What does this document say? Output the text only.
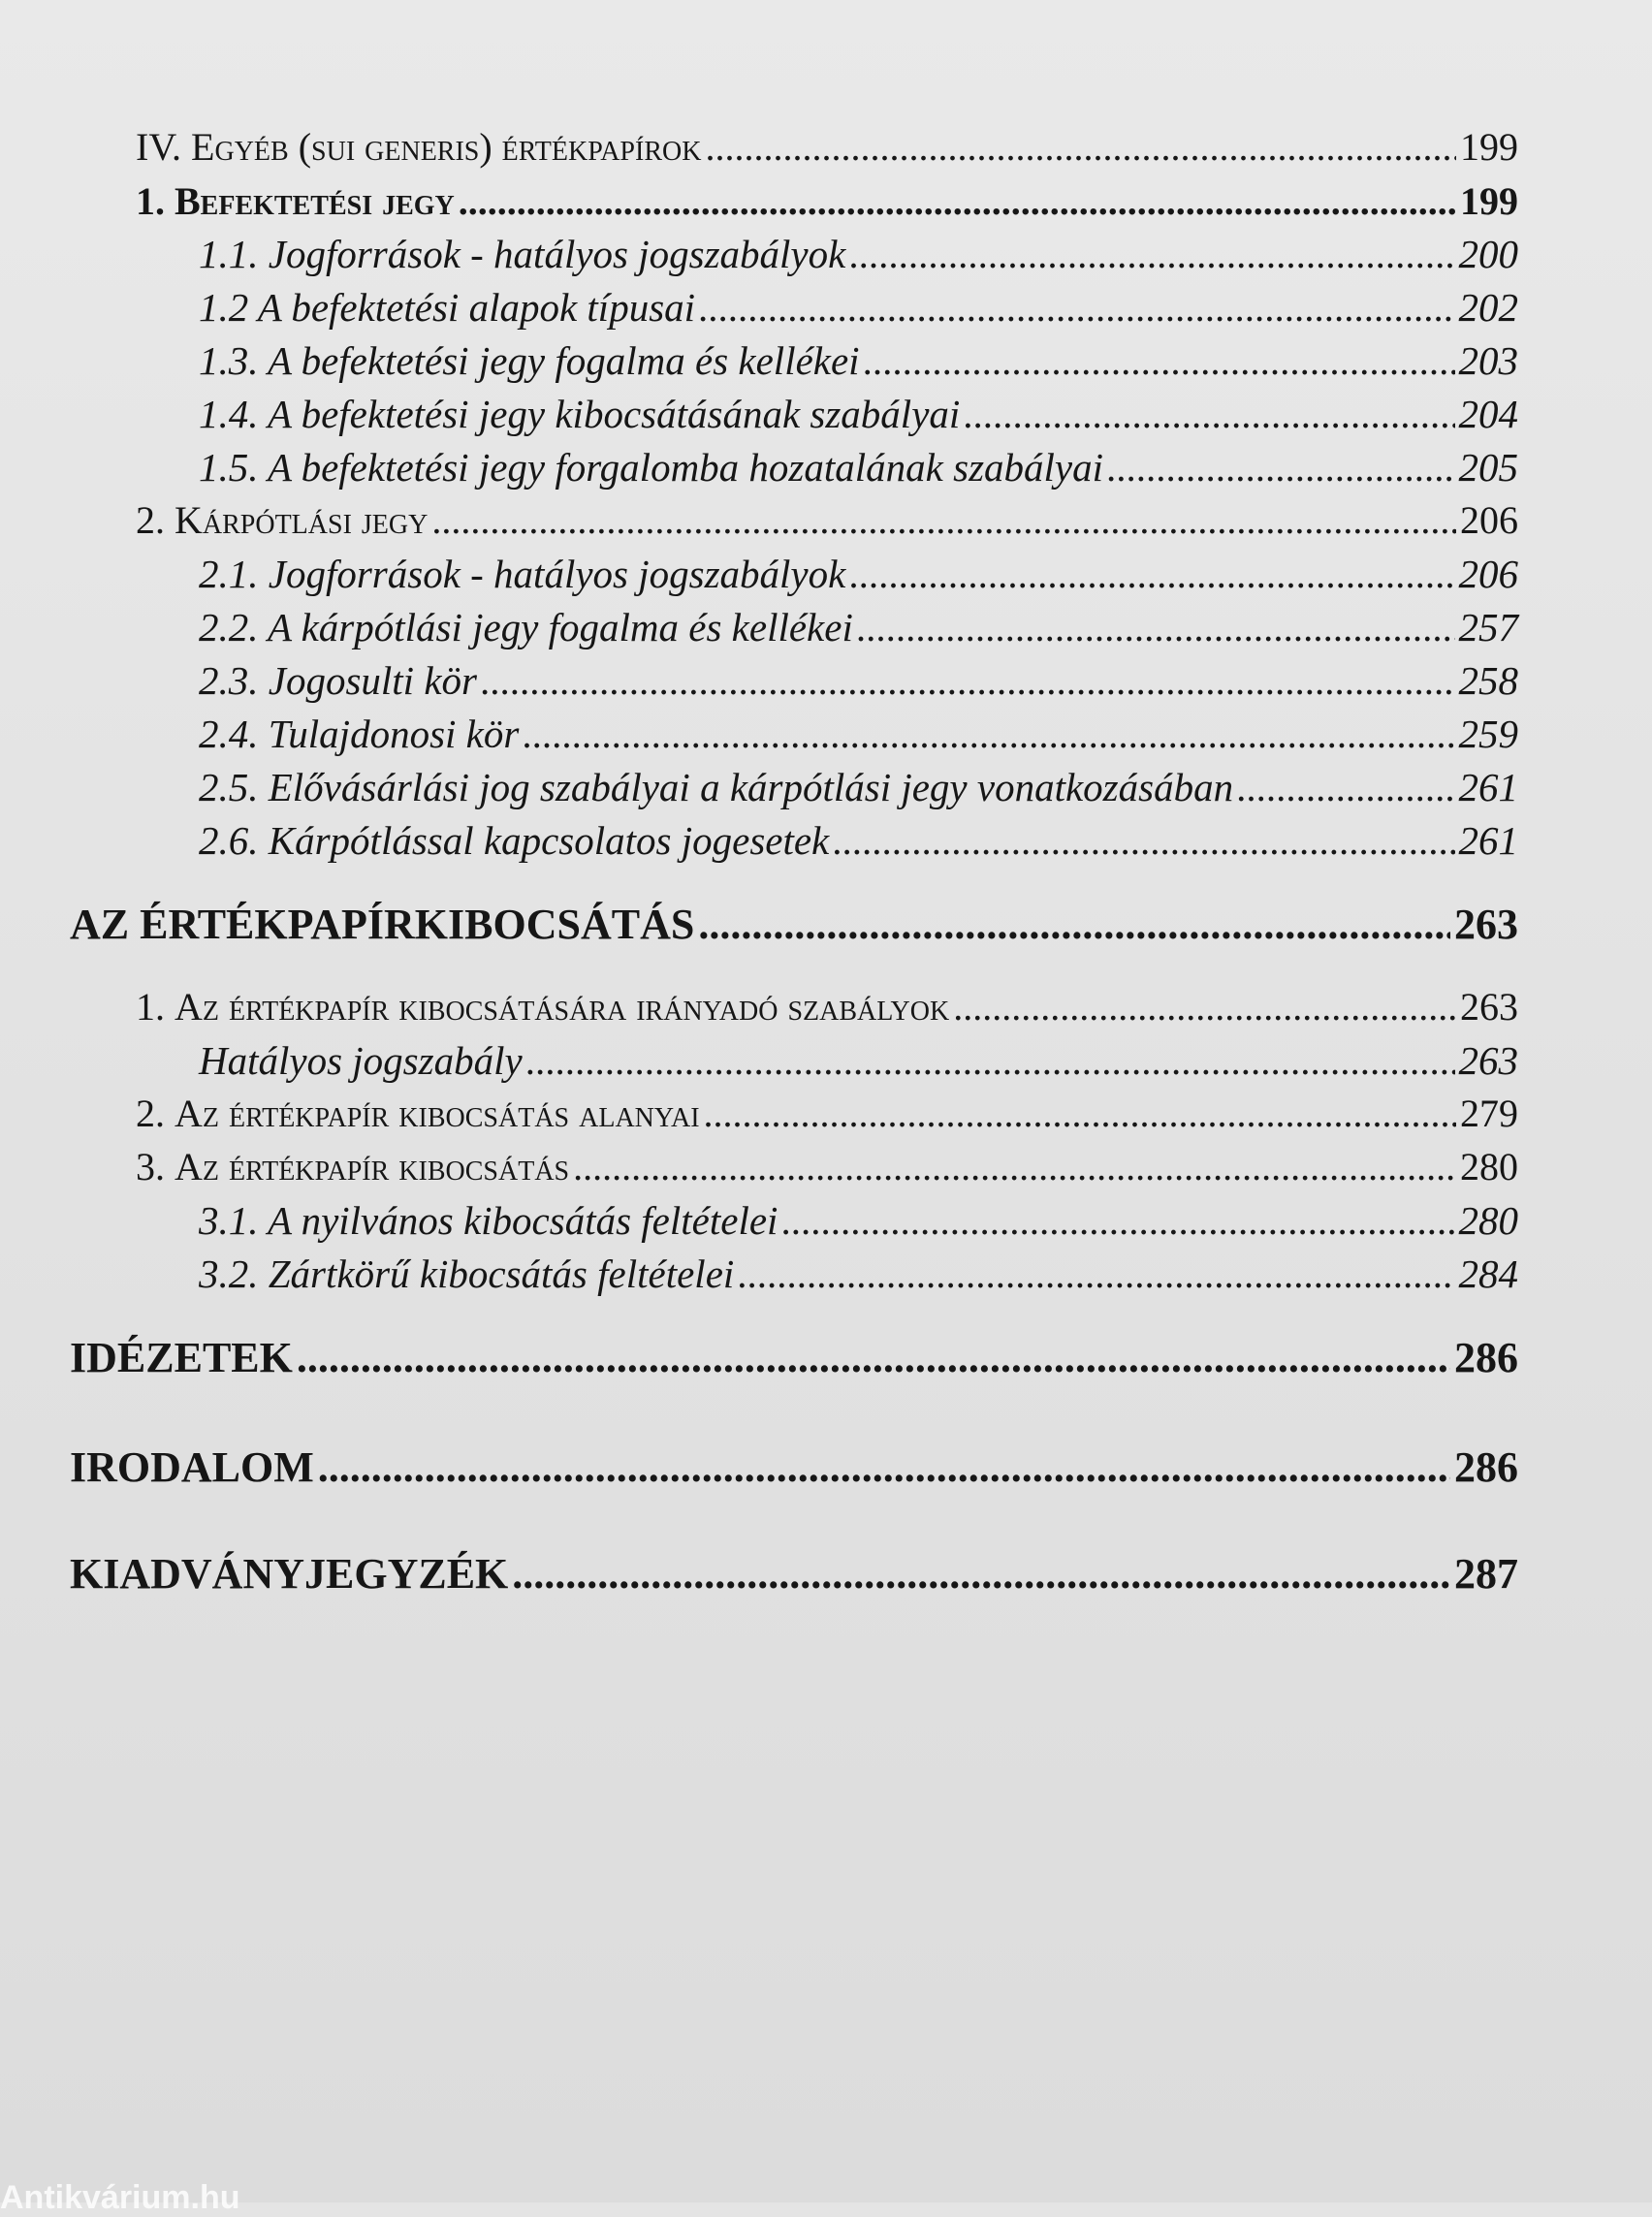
IV. Egyéb (sui generis) értékpapírok .....	199
1. Befektetési jegy .....	199
1.1. Jogforrások - hatályos jogszabályok .....	200
1.2 A befektetési alapok típusai .....	202
1.3. A befektetési jegy fogalma és kellékei .....	203
1.4. A befektetési jegy kibocsátásának szabályai .....	204
1.5. A befektetési jegy forgalomba hozatalának szabályai .....	205
2. Kárpótlási jegy .....	206
2.1. Jogforrások - hatályos jogszabályok .....	206
2.2. A kárpótlási jegy fogalma és kellékei .....	257
2.3. Jogosulti kör .....	258
2.4. Tulajdonosi kör .....	259
2.5. Elővásárlási jog szabályai a kárpótlási jegy vonatkozásában .....	261
2.6. Kárpótlással kapcsolatos jogesetek .....	261
AZ ÉRTÉKPAPÍRKIBOCSÁTÁS .....	263
1. Az értékpapír kibocsátására irányadó szabályok .....	263
Hatályos jogszabály .....	263
2. Az értékpapír kibocsátás alanyai .....	279
3. Az értékpapír kibocsátás .....	280
3.1. A nyilvános kibocsátás feltételei .....	280
3.2. Zártkörű kibocsátás feltételei .....	284
IDÉZETEK .....	286
IRODALOM .....	286
KIADVÁNYJEGYZÉK .....	287
Antikvárium.hu
